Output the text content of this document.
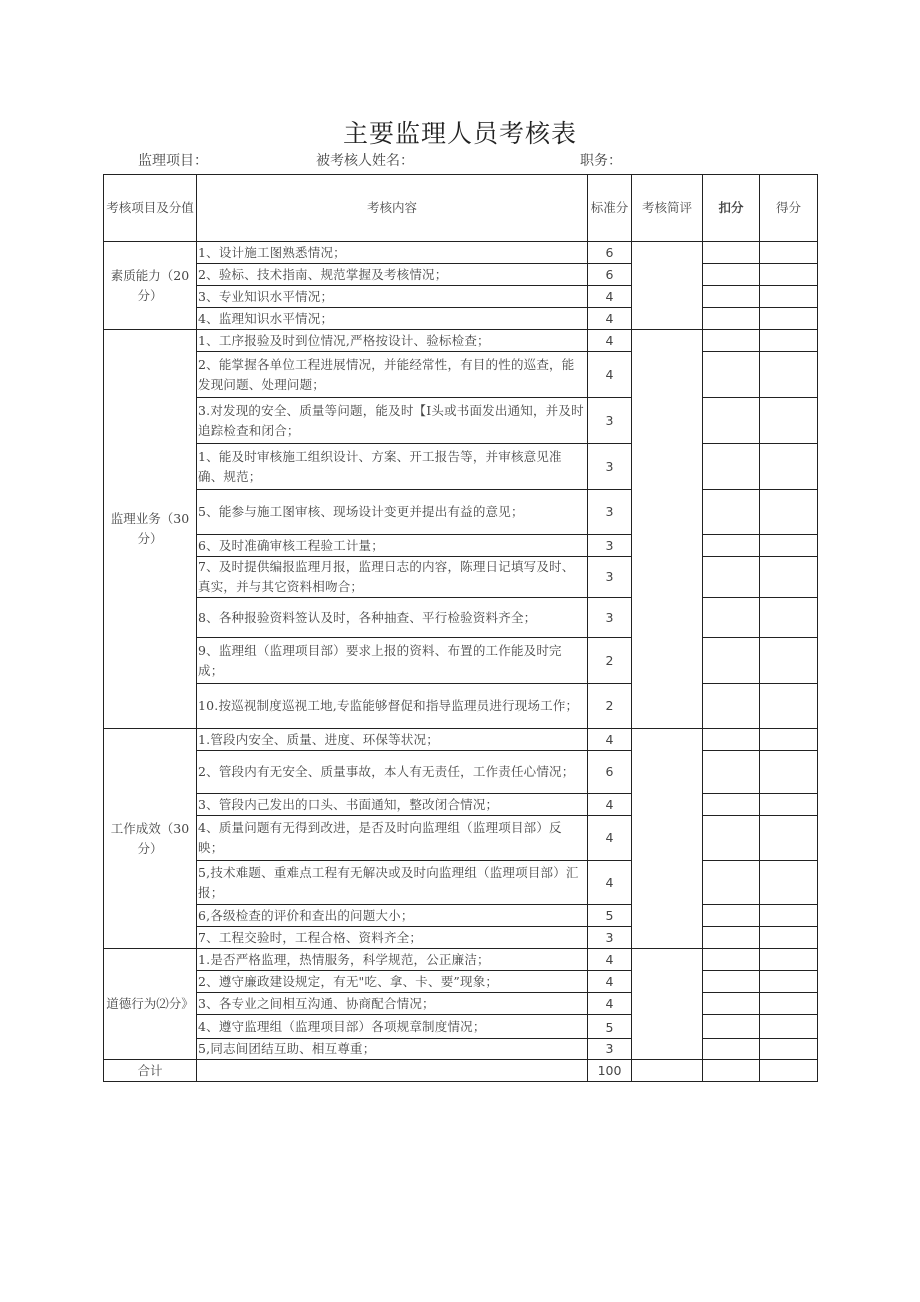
主要监理人员考核表
监理项目：	被考核人姓名：	职务：
考核项目及分值	考核内容	标准分	考核简评	扣分	得分
素质能力（20分）	1、设计施工图熟悉情况；	6			
	2、验标、技术指南、规范掌握及考核情况；	6			
	3、专业知识水平情况；	4			
	4、监理知识水平情况；	4			
监理业务（30分）	1、工序报验及时到位情况,严格按设计、验标检查；	4			
	2、能掌握各单位工程进展情况，并能经常性，有目的性的巡查，能发现问题、处理问题；	4			
	3.对发现的安全、质量等问题，能及时【I头或书面发出通知，并及时追踪检查和闭合；	3			
	1、能及时审核施工组织设计、方案、开工报告等，并审核意见准确、规范；	3			
	5、能参与施工图审核、现场设计变更并提出有益的意见；	3			
	6、及时准确审核工程验工计量；	3			
	7、及时提供编报监理月报，监理日志的内容，陈理日记填写及时、真实，并与其它资料相吻合；	3			
	8、各种报验资料签认及时，各种抽查、平行检验资料齐全；	3			
	9、监理组（监理项目部）要求上报的资料、布置的工作能及时完成；	2			
	10.按巡视制度巡视工地,专监能够督促和指导监理员进行现场工作；	2			
工作成效（30分）	1.管段内安全、质量、进度、环保等状况；	4			
	2、管段内有无安全、质量事故，本人有无责任，工作责任心情况；	6			
	3、管段内己发出的口头、书面通知，整改闭合情况；	4			
	4、质量问题有无得到改进，是否及时向监理组（监理项目部）反映；	4			
	5,技术难题、重难点工程有无解决或及时向监理组（监理项目部）汇报；	4			
	6,各级检查的评价和查出的问题大小；	5			
	7、工程交验时，工程合格、资料齐全；	3			
道德行为⑵分》	1.是否严格监理，热情服务，科学规范，公正廉洁；	4			
	2、遵守廉政建设规定，有无"吃、拿、卡、要”现象；	4			
	3、各专业之间相互沟通、协商配合情况；	4			
	4、遵守监理组（监理项目部）各项规章制度情况；	5			
	5,同志间团结互助、相互尊重；	3			
合计		100			
